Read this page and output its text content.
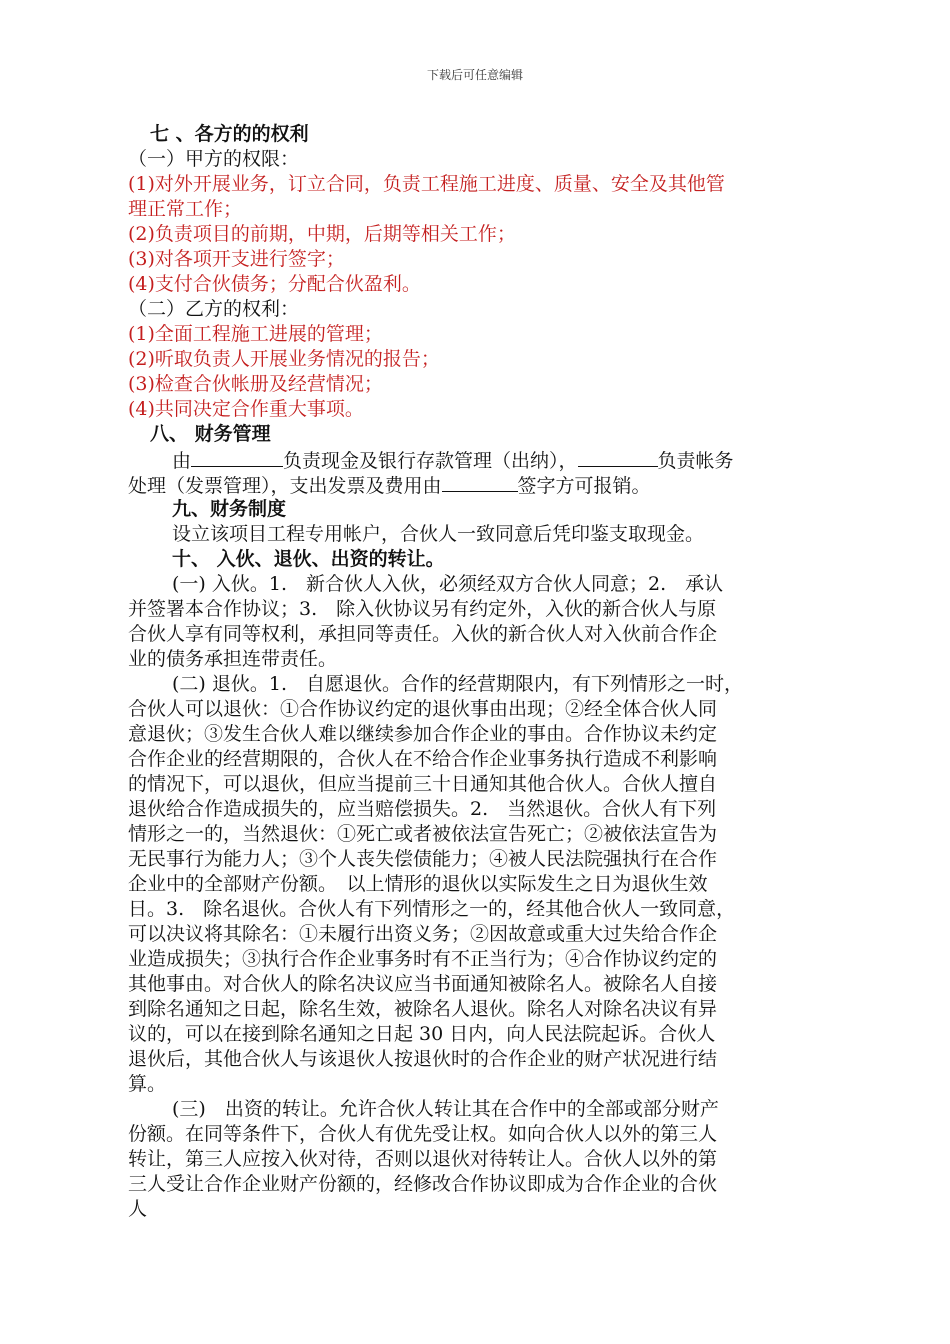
下载后可任意编辑
七 、各方的的权利
（一）甲方的权限：
(1)对外开展业务，订立合同，负责工程施工进度、质量、安全及其他管
理正常工作；
(2)负责项目的前期，中期，后期等相关工作；
(3)对各项开支进行签字；
(4)支付合伙债务；分配合伙盈利。
（二）乙方的权利：
(1)全面工程施工进展的管理；
(2)听取负责人开展业务情况的报告；
(3)检查合伙帐册及经营情况；
(4)共同决定合作重大事项。
八、 财务管理
由	负责现金及银行存款管理（出纳），	负责帐务
处理（发票管理），支出发票及费用由	签字方可报销。
九、财务制度
设立该项目工程专用帐户，合伙人一致同意后凭印鉴支取现金。
十、 入伙、退伙、出资的转让。
(一) 入伙。1.　新合伙人入伙，必须经双方合伙人同意；2.　承认
并签署本合作协议；3.　除入伙协议另有约定外，入伙的新合伙人与原
合伙人享有同等权利，承担同等责任。入伙的新合伙人对入伙前合作企
业的债务承担连带责任。
(二) 退伙。1.　自愿退伙。合作的经营期限内，有下列情形之一时，
合伙人可以退伙：①合作协议约定的退伙事由出现；②经全体合伙人同
意退伙；③发生合伙人难以继续参加合作企业的事由。合作协议未约定
合作企业的经营期限的，合伙人在不给合作企业事务执行造成不利影响
的情况下，可以退伙，但应当提前三十日通知其他合伙人。合伙人擅自
退伙给合作造成损失的，应当赔偿损失。2.　当然退伙。合伙人有下列
情形之一的，当然退伙：①死亡或者被依法宣告死亡；②被依法宣告为
无民事行为能力人；③个人丧失偿债能力；④被人民法院强执行在合作
企业中的全部财产份额。　以上情形的退伙以实际发生之日为退伙生效
日。3.　除名退伙。合伙人有下列情形之一的，经其他合伙人一致同意，
可以决议将其除名：①未履行出资义务；②因故意或重大过失给合作企
业造成损失；③执行合作企业事务时有不正当行为；④合作协议约定的
其他事由。对合伙人的除名决议应当书面通知被除名人。被除名人自接
到除名通知之日起，除名生效，被除名人退伙。除名人对除名决议有异
议的，可以在接到除名通知之日起 30 日内，向人民法院起诉。合伙人
退伙后，其他合伙人与该退伙人按退伙时的合作企业的财产状况进行结
算。
(三)　出资的转让。允许合伙人转让其在合作中的全部或部分财产
份额。在同等条件下，合伙人有优先受让权。如向合伙人以外的第三人
转让，第三人应按入伙对待，否则以退伙对待转让人。合伙人以外的第
三人受让合作企业财产份额的，经修改合作协议即成为合作企业的合伙
人
